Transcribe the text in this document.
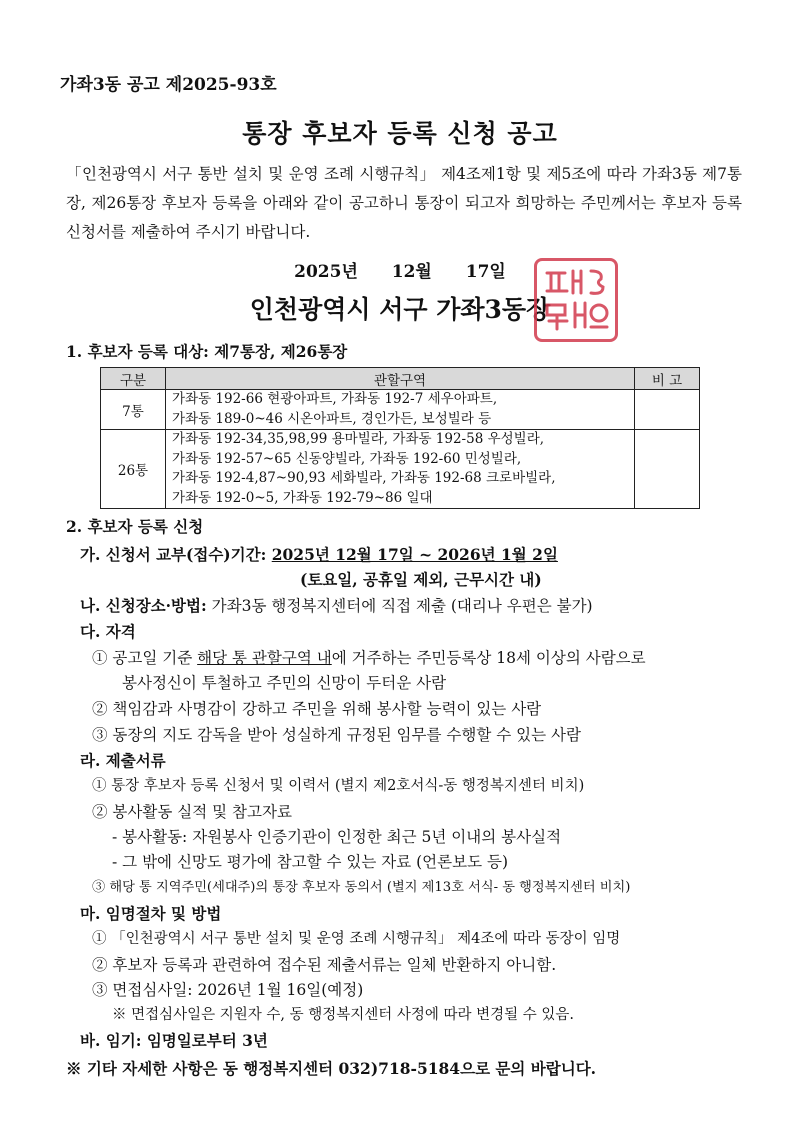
가좌3동 공고 제2025-93호
통장 후보자 등록 신청 공고
「인천광역시 서구 통반 설치 및 운영 조례 시행규칙」 제4조제1항 및 제5조에 따라 가좌3동 제7통장, 제26통장 후보자 등록을 아래와 같이 공고하니 통장이 되고자 희망하는 주민께서는 후보자 등록신청서를 제출하여 주시기 바랍니다.
2025년 12월 17일
인천광역시 서구 가좌3동장
1. 후보자 등록 대상: 제7통장, 제26통장
구분	관할구역	비 고
7통	가좌동 192-66 현광아파트, 가좌동 192-7 세우아파트,
가좌동 189-0~46 시온아파트, 경인가든, 보성빌라 등	

26통	가좌동 192-34,35,98,99 용마빌라, 가좌동 192-58 우성빌라,
가좌동 192-57~65 신동양빌라, 가좌동 192-60 민성빌라,
가좌동 192-4,87~90,93 세화빌라, 가좌동 192-68 크로바빌라,
가좌동 192-0~5, 가좌동 192-79~86 일대	

2. 후보자 등록 신청
가. 신청서 교부(접수)기간: 2025년 12월 17일 ~ 2026년 1월 2일
(토요일, 공휴일 제외, 근무시간 내)
나. 신청장소·방법: 가좌3동 행정복지센터에 직접 제출 (대리나 우편은 불가)
다. 자격
① 공고일 기준 해당 통 관할구역 내에 거주하는 주민등록상 18세 이상의 사람으로
봉사정신이 투철하고 주민의 신망이 두터운 사람
② 책임감과 사명감이 강하고 주민을 위해 봉사할 능력이 있는 사람
③ 동장의 지도 감독을 받아 성실하게 규정된 임무를 수행할 수 있는 사람
라. 제출서류
① 통장 후보자 등록 신청서 및 이력서 (별지 제2호서식-동 행정복지센터 비치)
② 봉사활동 실적 및 참고자료
- 봉사활동: 자원봉사 인증기관이 인정한 최근 5년 이내의 봉사실적
- 그 밖에 신망도 평가에 참고할 수 있는 자료 (언론보도 등)
③ 해당 통 지역주민(세대주)의 통장 후보자 동의서 (별지 제13호 서식- 동 행정복지센터 비치)
마. 임명절차 및 방법
① 「인천광역시 서구 통반 설치 및 운영 조례 시행규칙」 제4조에 따라 동장이 임명
② 후보자 등록과 관련하여 접수된 제출서류는 일체 반환하지 아니함.
③ 면접심사일: 2026년 1월 16일(예정)
※ 면접심사일은 지원자 수, 동 행정복지센터 사정에 따라 변경될 수 있음.
바. 임기: 임명일로부터 3년
※ 기타 자세한 사항은 동 행정복지센터 032)718-5184으로 문의 바랍니다.
